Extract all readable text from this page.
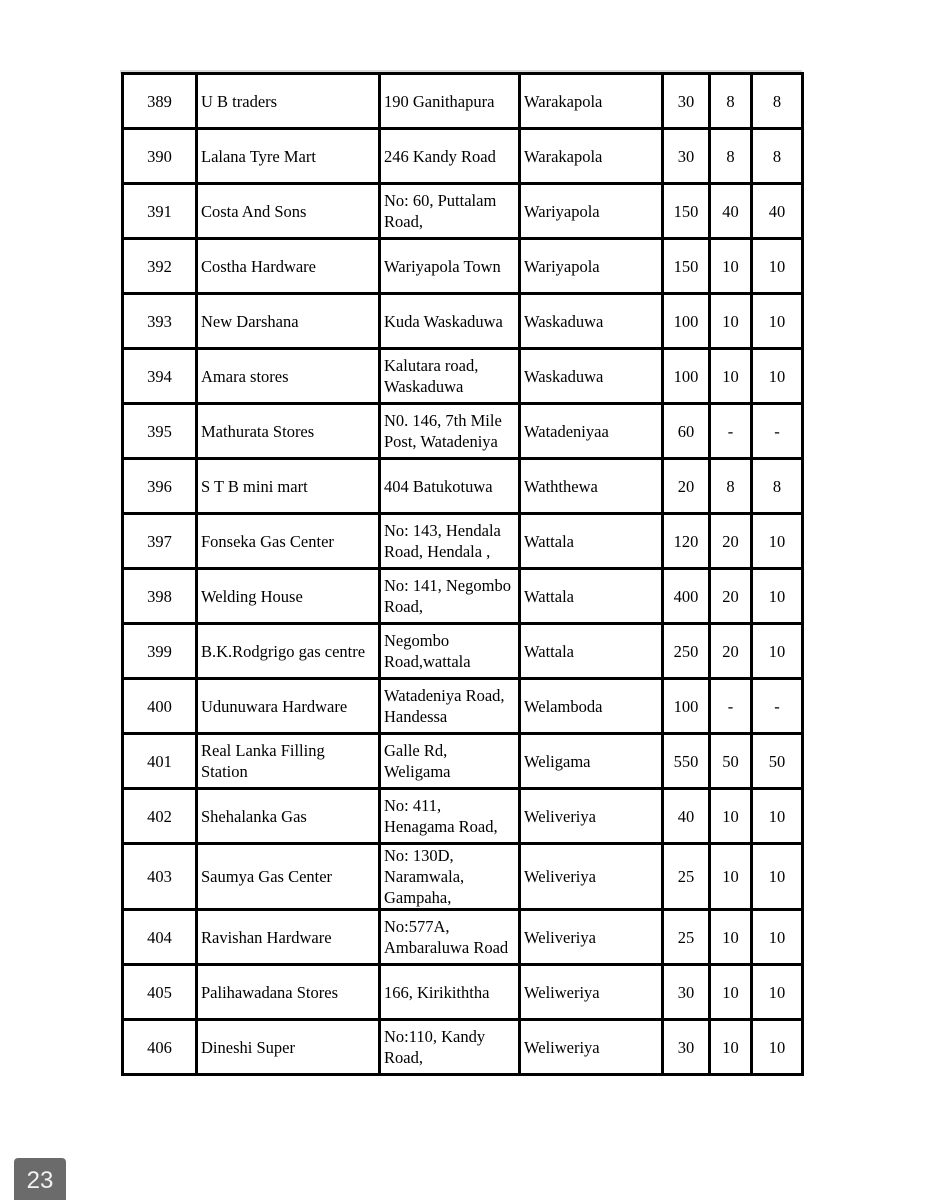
389	U B traders	190 Ganithapura	Warakapola	30	8	8
390	Lalana Tyre Mart	246 Kandy Road	Warakapola	30	8	8
391	Costa And Sons	No: 60, Puttalam Road,	Wariyapola	150	40	40
392	Costha Hardware	Wariyapola Town	Wariyapola	150	10	10
393	New Darshana	Kuda Waskaduwa	Waskaduwa	100	10	10
394	Amara stores	Kalutara road, Waskaduwa	Waskaduwa	100	10	10
395	Mathurata Stores	N0. 146, 7th Mile Post, Watadeniya	Watadeniyaa	60	-	-
396	S T B mini mart	404 Batukotuwa	Waththewa	20	8	8
397	Fonseka Gas Center	No: 143, Hendala Road, Hendala ,	Wattala	120	20	10
398	Welding House	No: 141, Negombo Road,	Wattala	400	20	10
399	B.K.Rodgrigo gas centre	Negombo Road,wattala	Wattala	250	20	10
400	Udunuwara Hardware	Watadeniya Road, Handessa	Welamboda	100	-	-
401	Real Lanka Filling Station	Galle Rd, Weligama	Weligama	550	50	50
402	Shehalanka Gas	No: 411, Henagama Road,	Weliveriya	40	10	10
403	Saumya Gas Center	No: 130D, Naramwala, Gampaha,	Weliveriya	25	10	10
404	Ravishan Hardware	No:577A, Ambaraluwa Road	Weliveriya	25	10	10
405	Palihawadana Stores	166, Kirikiththa	Weliweriya	30	10	10
406	Dineshi Super	No:110, Kandy Road,	Weliweriya	30	10	10
23
